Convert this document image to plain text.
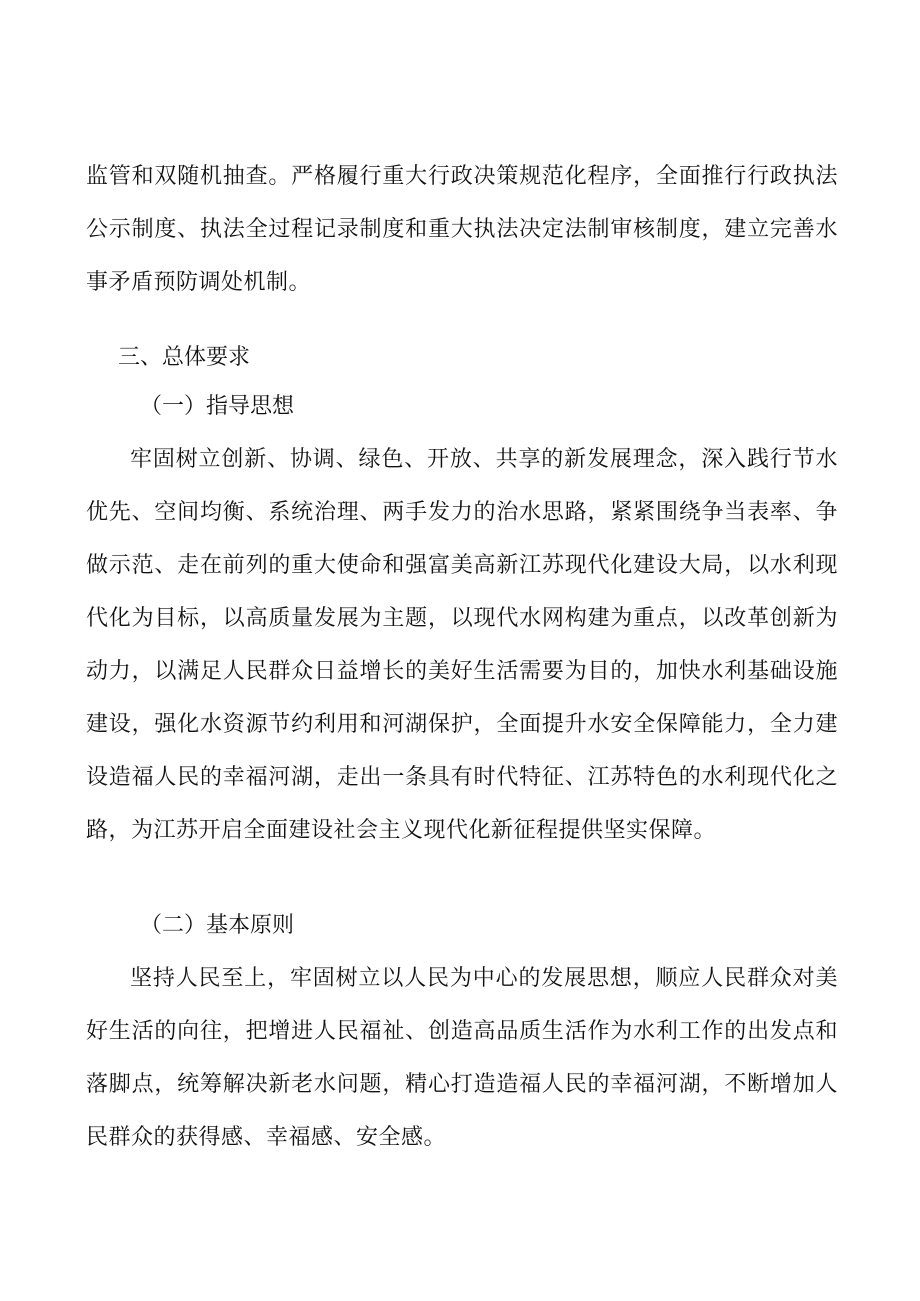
监管和双随机抽查。严格履行重大行政决策规范化程序，全面推行行政执法公示制度、执法全过程记录制度和重大执法决定法制审核制度，建立完善水事矛盾预防调处机制。

三、总体要求

（一）指导思想

牢固树立创新、协调、绿色、开放、共享的新发展理念，深入践行节水优先、空间均衡、系统治理、两手发力的治水思路，紧紧围绕争当表率、争做示范、走在前列的重大使命和强富美高新江苏现代化建设大局，以水利现代化为目标，以高质量发展为主题，以现代水网构建为重点，以改革创新为动力，以满足人民群众日益增长的美好生活需要为目的，加快水利基础设施建设，强化水资源节约利用和河湖保护，全面提升水安全保障能力，全力建设造福人民的幸福河湖，走出一条具有时代特征、江苏特色的水利现代化之路，为江苏开启全面建设社会主义现代化新征程提供坚实保障。

（二）基本原则

坚持人民至上，牢固树立以人民为中心的发展思想，顺应人民群众对美好生活的向往，把增进人民福祉、创造高品质生活作为水利工作的出发点和落脚点，统筹解决新老水问题，精心打造造福人民的幸福河湖，不断增加人民群众的获得感、幸福感、安全感。
